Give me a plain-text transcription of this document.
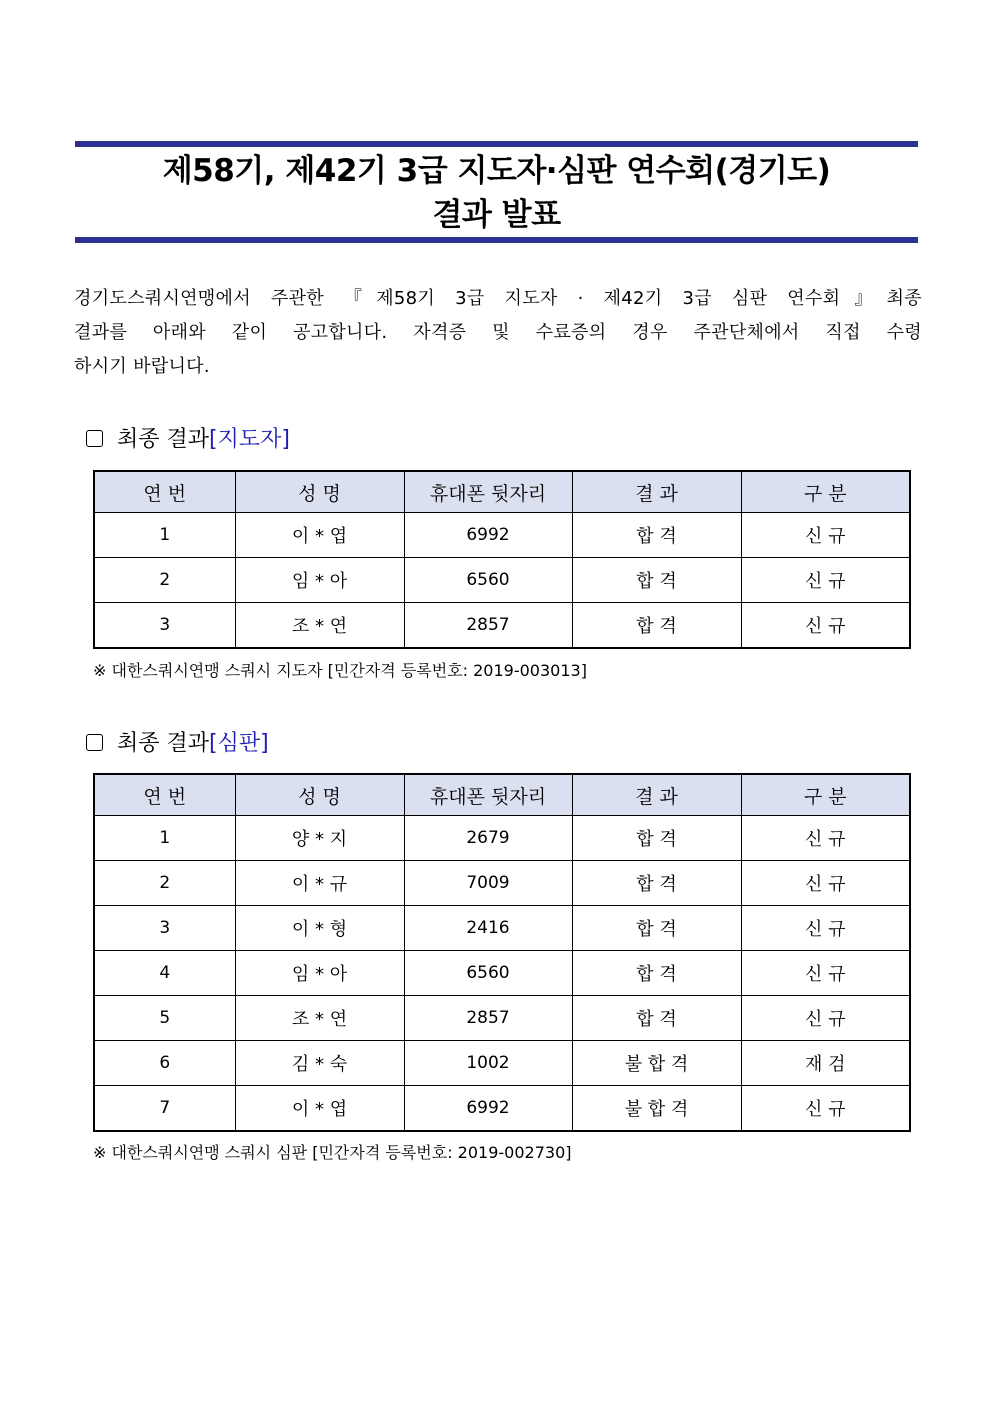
제58기, 제42기 3급 지도자·심판 연수회(경기도)
결과 발표
경기도스쿼시연맹에서 주관한 『제58기 3급 지도자 · 제42기 3급 심판 연수회』최종
결과를 아래와 같이 공고합니다. 자격증 및 수료증의 경우 주관단체에서 직접 수령
하시기 바랍니다.
최종 결과[지도자]
연 번	성 명	휴대폰 뒷자리	결 과	구 분
1	이 * 엽	6992	합 격	신 규
2	임 * 아	6560	합 격	신 규
3	조 * 연	2857	합 격	신 규
※ 대한스쿼시연맹 스쿼시 지도자 [민간자격 등록번호: 2019-003013]
최종 결과[심판]
연 번	성 명	휴대폰 뒷자리	결 과	구 분
1	양 * 지	2679	합 격	신 규
2	이 * 규	7009	합 격	신 규
3	이 * 형	2416	합 격	신 규
4	임 * 아	6560	합 격	신 규
5	조 * 연	2857	합 격	신 규
6	김 * 숙	1002	불 합 격	재 검
7	이 * 엽	6992	불 합 격	신 규
※ 대한스쿼시연맹 스쿼시 심판 [민간자격 등록번호: 2019-002730]
